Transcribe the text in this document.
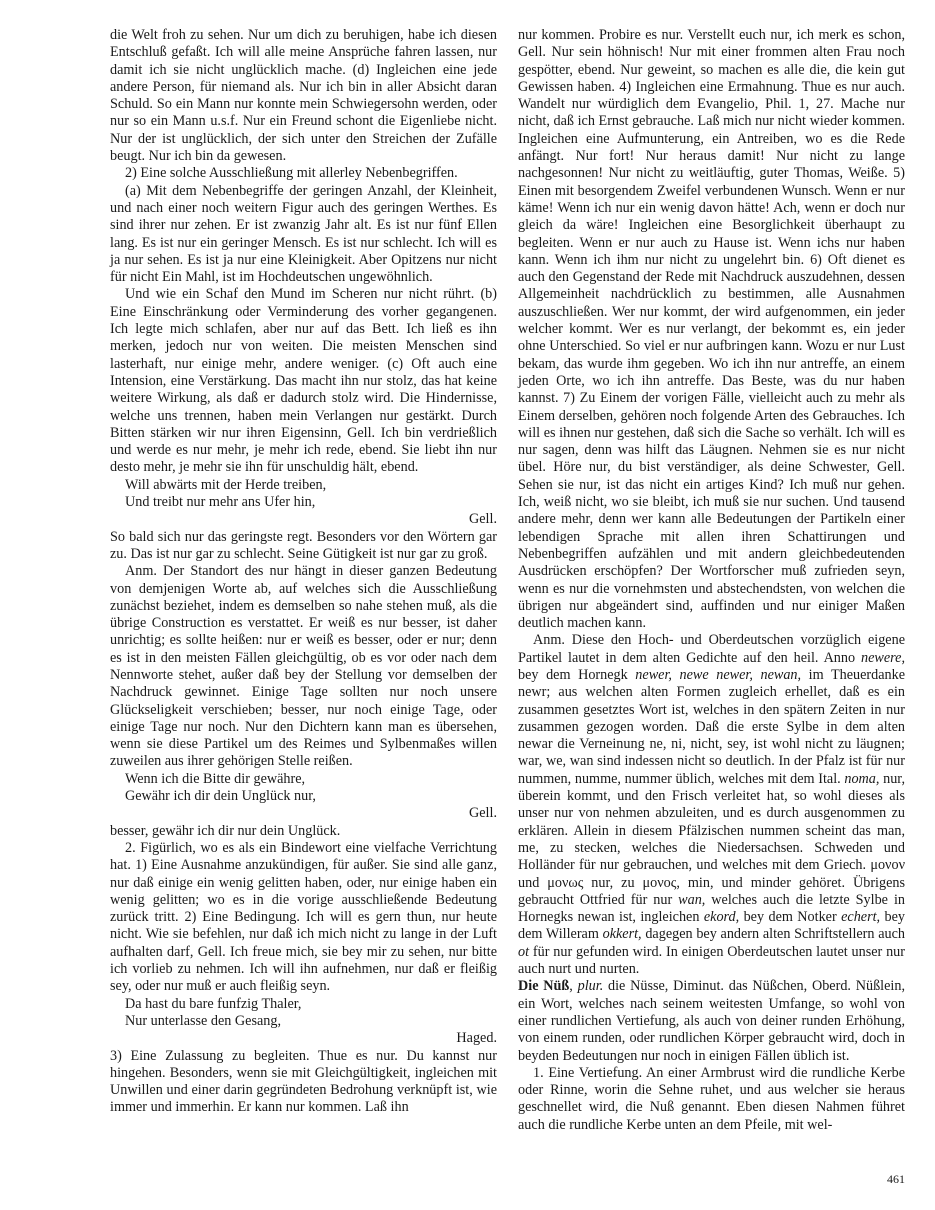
die Welt froh zu sehen. Nur um dich zu beruhigen, habe ich diesen Entschluß gefaßt. Ich will alle meine Ansprüche fahren lassen, nur damit ich sie nicht unglücklich mache. (d) Ingleichen eine jede andere Person, für niemand als. Nur ich bin in aller Absicht daran Schuld. So ein Mann nur konnte mein Schwiegersohn werden, oder nur so ein Mann u.s.f. Nur ein Freund schont die Eigenliebe nicht. Nur der ist unglücklich, der sich unter den Streichen der Zufälle beugt. Nur ich bin da gewesen.

2) Eine solche Ausschließung mit allerley Nebenbegriffen.

(a) Mit dem Nebenbegriffe der geringen Anzahl, der Kleinheit, und nach einer noch weitern Figur auch des geringen Werthes. Es sind ihrer nur zehen. Er ist zwanzig Jahr alt. Es ist nur fünf Ellen lang. Es ist nur ein geringer Mensch. Es ist nur schlecht. Ich will es ja nur sehen. Es ist ja nur eine Kleinigkeit. Aber Opitzens nur nicht für nicht Ein Mahl, ist im Hochdeutschen ungewöhnlich.

Und wie ein Schaf den Mund im Scheren nur nicht rührt. (b) Eine Einschränkung oder Verminderung des vorher gegangenen. Ich legte mich schlafen, aber nur auf das Bett. Ich ließ es ihn merken, jedoch nur von weiten. Die meisten Menschen sind lasterhaft, nur einige mehr, andere weniger. (c) Oft auch eine Intension, eine Verstärkung. Das macht ihn nur stolz, das hat keine weitere Wirkung, als daß er dadurch stolz wird. Die Hindernisse, welche uns trennen, haben mein Verlangen nur gestärkt. Durch Bitten stärken wir nur ihren Eigensinn, Gell. Ich bin verdrießlich und werde es nur mehr, je mehr ich rede, ebend. Sie liebt ihn nur desto mehr, je mehr sie ihn für unschuldig hält, ebend.

Will abwärts mit der Herde treiben,

Und treibt nur mehr ans Ufer hin,

Gell.

So bald sich nur das geringste regt. Besonders vor den Wörtern gar zu. Das ist nur gar zu schlecht. Seine Gütigkeit ist nur gar zu groß.

Anm. Der Standort des nur hängt in dieser ganzen Bedeutung von demjenigen Worte ab, auf welches sich die Ausschließung zunächst beziehet, indem es demselben so nahe stehen muß, als die übrige Construction es verstattet. Er weiß es nur besser, ist daher unrichtig; es sollte heißen: nur er weiß es besser, oder er nur; denn es ist in den meisten Fällen gleichgültig, ob es vor oder nach dem Nennworte stehet, außer daß bey der Stellung vor demselben der Nachdruck gewinnet. Einige Tage sollten nur noch unsere Glückseligkeit verschieben; besser, nur noch einige Tage, oder einige Tage nur noch. Nur den Dichtern kann man es übersehen, wenn sie diese Partikel um des Reimes und Sylbenmaßes willen zuweilen aus ihrer gehörigen Stelle reißen.

Wenn ich die Bitte dir gewähre,

Gewähr ich dir dein Unglück nur,

Gell.

besser, gewähr ich dir nur dein Unglück.

2. Figürlich, wo es als ein Bindewort eine vielfache Verrichtung hat. 1) Eine Ausnahme anzukündigen, für außer. Sie sind alle ganz, nur daß einige ein wenig gelitten haben, oder, nur einige haben ein wenig gelitten; wo es in die vorige ausschließende Bedeutung zurück tritt. 2) Eine Bedingung. Ich will es gern thun, nur heute nicht. Wie sie befehlen, nur daß ich mich nicht zu lange in der Luft aufhalten darf, Gell. Ich freue mich, sie bey mir zu sehen, nur bitte ich vorlieb zu nehmen. Ich will ihn aufnehmen, nur daß er fleißig sey, oder nur muß er auch fleißig seyn.

Da hast du bare funfzig Thaler,

Nur unterlasse den Gesang,

Haged.

3) Eine Zulassung zu begleiten. Thue es nur. Du kannst nur hingehen. Besonders, wenn sie mit Gleichgültigkeit, ingleichen mit Unwillen und einer darin gegründeten Bedrohung verknüpft ist, wie immer und immerhin. Er kann nur kommen. Laß ihn

nur kommen. Probire es nur. Verstellt euch nur, ich merk es schon, Gell. Nur sein höhnisch! Nur mit einer frommen alten Frau noch gespötter, ebend. Nur geweint, so machen es alle die, die kein gut Gewissen haben. 4) Ingleichen eine Ermahnung. Thue es nur auch. Wandelt nur würdiglich dem Evangelio, Phil. 1, 27. Mache nur nicht, daß ich Ernst gebrauche. Laß mich nur nicht wieder kommen. Ingleichen eine Aufmunterung, ein Antreiben, wo es die Rede anfängt. Nur fort! Nur heraus damit! Nur nicht zu lange nachgesonnen! Nur nicht zu weitläuftig, guter Thomas, Weiße. 5) Einen mit besorgendem Zweifel verbundenen Wunsch. Wenn er nur käme! Wenn ich nur ein wenig davon hätte! Ach, wenn er doch nur gleich da wäre! Ingleichen eine Besorglichkeit überhaupt zu begleiten. Wenn er nur auch zu Hause ist. Wenn ichs nur haben kann. Wenn ich ihm nur nicht zu ungelehrt bin. 6) Oft dienet es auch den Gegenstand der Rede mit Nachdruck auszudehnen, dessen Allgemeinheit nachdrücklich zu bestimmen, alle Ausnahmen auszuschließen. Wer nur kommt, der wird aufgenommen, ein jeder welcher kommt. Wer es nur verlangt, der bekommt es, ein jeder ohne Unterschied. So viel er nur aufbringen kann. Wozu er nur Lust bekam, das wurde ihm gegeben. Wo ich ihn nur antreffe, an einem jeden Orte, wo ich ihn antreffe. Das Beste, was du nur haben kannst. 7) Zu Einem der vorigen Fälle, vielleicht auch zu mehr als Einem derselben, gehören noch folgende Arten des Gebrauches. Ich will es ihnen nur gestehen, daß sich die Sache so verhält. Ich will es nur sagen, denn was hilft das Läugnen. Nehmen sie es nur nicht übel. Höre nur, du bist verständiger, als deine Schwester, Gell. Sehen sie nur, ist das nicht ein artiges Kind? Ich muß nur gehen. Ich, weiß nicht, wo sie bleibt, ich muß sie nur suchen. Und tausend andere mehr, denn wer kann alle Bedeutungen der Partikeln einer lebendigen Sprache mit allen ihren Schattirungen und Nebenbegriffen aufzählen und mit andern gleichbedeutenden Ausdrücken erschöpfen? Der Wortforscher muß zufrieden seyn, wenn es nur die vornehmsten und abstechendsten, von welchen die übrigen nur abgeändert sind, auffinden und nur einiger Maßen deutlich machen kann.

Anm. Diese den Hoch- und Oberdeutschen vorzüglich eigene Partikel lautet in dem alten Gedichte auf den heil. Anno newere, bey dem Hornegk newer, newe newer, newan, im Theuerdanke newr; aus welchen alten Formen zugleich erhellet, daß es ein zusammen gesetztes Wort ist, welches in den spätern Zeiten in nur zusammen gezogen worden. Daß die erste Sylbe in dem alten newar die Verneinung ne, ni, nicht, sey, ist wohl nicht zu läugnen; war, we, wan sind indessen nicht so deutlich. In der Pfalz ist für nur nummen, numme, nummer üblich, welches mit dem Ital. noma, nur, überein kommt, und den Frisch verleitet hat, so wohl dieses als unser nur von nehmen abzuleiten, und es durch ausgenommen zu erklären. Allein in diesem Pfälzischen nummen scheint das man, me, zu stecken, welches die Niedersachsen. Schweden und Holländer für nur gebrauchen, und welches mit dem Griech. μονον und μονως nur, zu μονος, min, und minder gehöret. Übrigens gebraucht Ottfried für nur wan, welches auch die letzte Sylbe in Hornegks newan ist, ingleichen ekord, bey dem Notker echert, bey dem Willeram okkert, dagegen bey andern alten Schriftstellern auch ot für nur gefunden wird. In einigen Oberdeutschen lautet unser nur auch nurt und nurten.

Die Nüß, plur. die Nüsse, Diminut. das Nüßchen, Oberd. Nüßlein, ein Wort, welches nach seinem weitesten Umfange, so wohl von einer rundlichen Vertiefung, als auch von deiner runden Erhöhung, von einem runden, oder rundlichen Körper gebraucht wird, doch in beyden Bedeutungen nur noch in einigen Fällen üblich ist.

1. Eine Vertiefung. An einer Armbrust wird die rundliche Kerbe oder Rinne, worin die Sehne ruhet, und aus welcher sie heraus geschnellet wird, die Nuß genannt. Eben diesen Nahmen führet auch die rundliche Kerbe unten an dem Pfeile, mit wel-

461
